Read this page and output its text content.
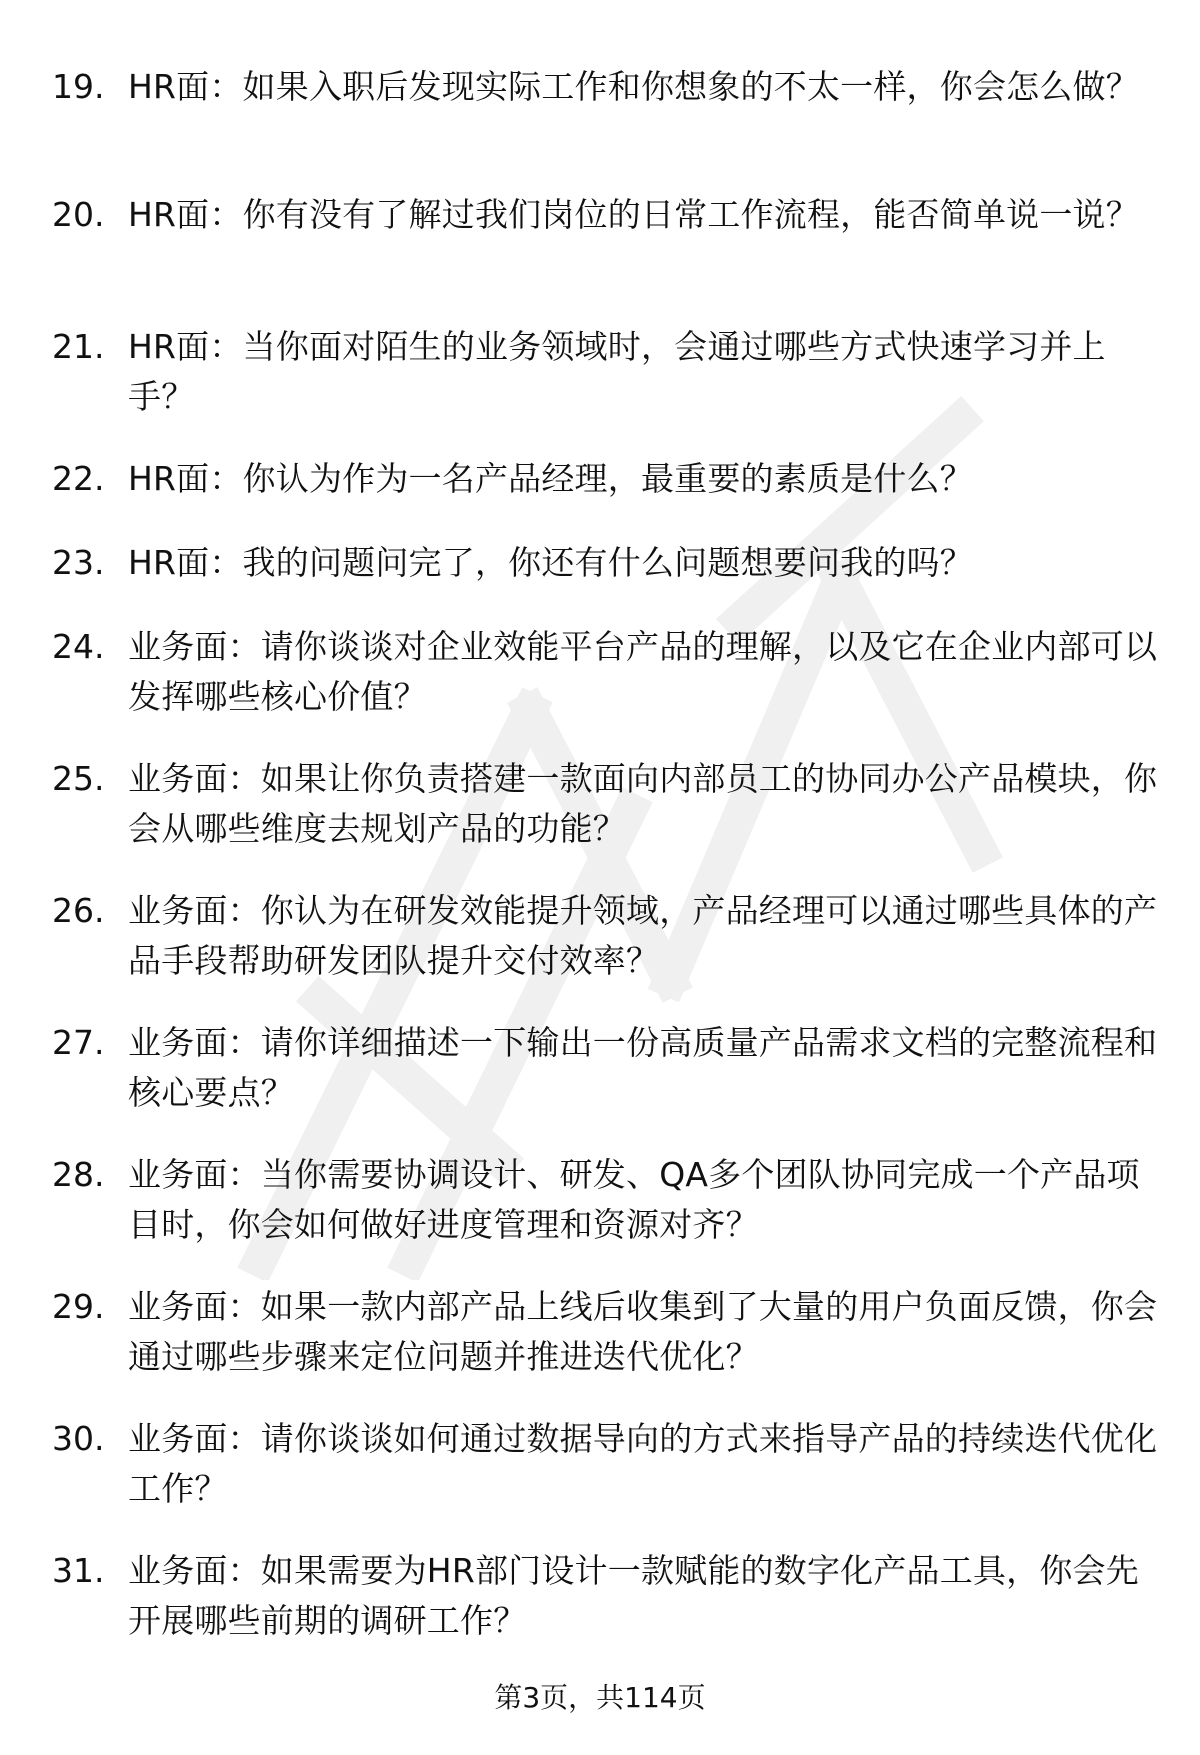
19. HR面：如果入职后发现实际工作和你想象的不太一样，你会怎么做？
20. HR面：你有没有了解过我们岗位的日常工作流程，能否简单说一说？
21. HR面：当你面对陌生的业务领域时，会通过哪些方式快速学习并上手？
22. HR面：你认为作为一名产品经理，最重要的素质是什么？
23. HR面：我的问题问完了，你还有什么问题想要问我的吗？
24. 业务面：请你谈谈对企业效能平台产品的理解，以及它在企业内部可以发挥哪些核心价值？
25. 业务面：如果让你负责搭建一款面向内部员工的协同办公产品模块，你会从哪些维度去规划产品的功能？
26. 业务面：你认为在研发效能提升领域，产品经理可以通过哪些具体的产品手段帮助研发团队提升交付效率？
27. 业务面：请你详细描述一下输出一份高质量产品需求文档的完整流程和核心要点？
28. 业务面：当你需要协调设计、研发、QA多个团队协同完成一个产品项目时，你会如何做好进度管理和资源对齐？
29. 业务面：如果一款内部产品上线后收集到了大量的用户负面反馈，你会通过哪些步骤来定位问题并推进迭代优化？
30. 业务面：请你谈谈如何通过数据导向的方式来指导产品的持续迭代优化工作？
31. 业务面：如果需要为HR部门设计一款赋能的数字化产品工具，你会先开展哪些前期的调研工作？
第3页，共114页
